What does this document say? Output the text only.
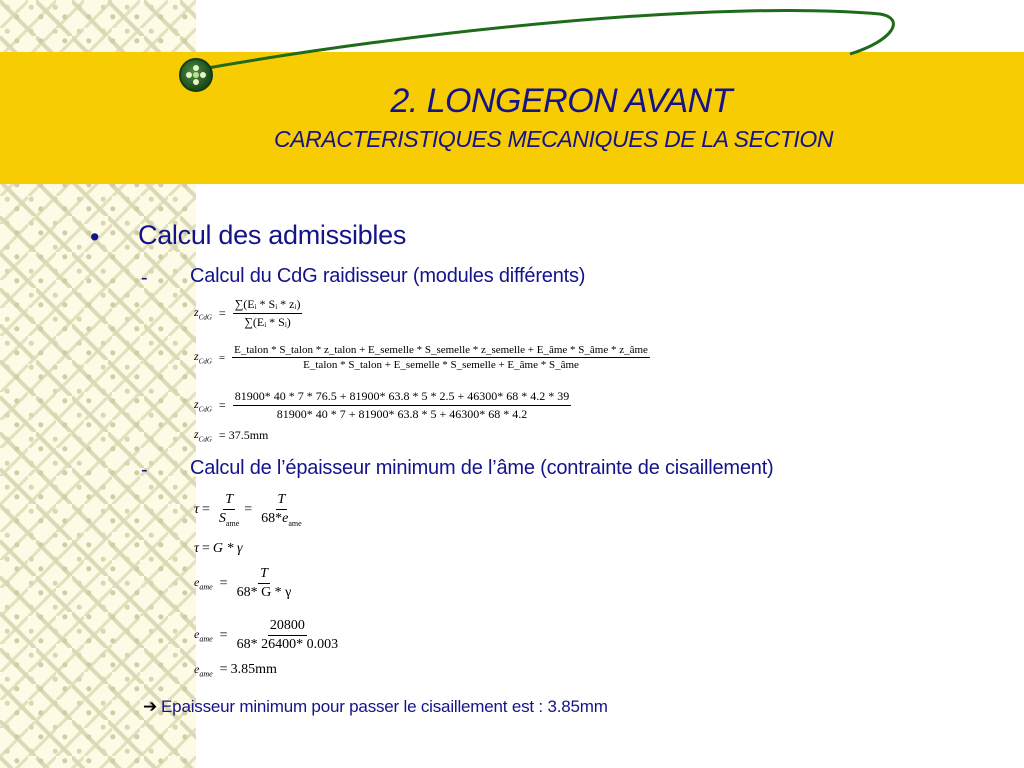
2. LONGERON AVANT
CARACTERISTIQUES MECANIQUES DE LA SECTION
• Calcul des admissibles
- Calcul du CdG raidisseur (modules différents)
$z_{CdG} = \frac{\text{∑(Eᵢ * Sᵢ * zᵢ)}}{\text{∑(Eᵢ * Sᵢ)}}$
$z_{CdG}$ =
E_talon * S_talon * z_talon + E_semelle * S_semelle * z_semelle + E_âme * S_âme * z_âme
E_talon * S_talon + E_semelle * S_semelle + E_âme * S_âme
$z_{CdG}$ =
81900* 40 * 7 * 76.5 + 81900* 63.8 * 5 * 2.5 + 46300* 68 * 4.2 * 39
81900* 40 * 7 + 81900* 63.8 * 5 + 46300* 68 * 4.2
$z_{CdG} = 37.5mm$
- Calcul de l’épaisseur minimum de l’âme (contrainte de cisaillement)
$\tau = \frac{T}{S_{ame}} = \frac{T}{68*e_{ame}}$
τ = G * γ
$e_{ame} = \frac{T}{68* G * \gamma}$
$e_{ame} = \frac{20800}{68* 26400* 0.003}$
$e_{ame} = 3.85mm$
➔ Epaisseur minimum pour passer le cisaillement est : 3.85mm
